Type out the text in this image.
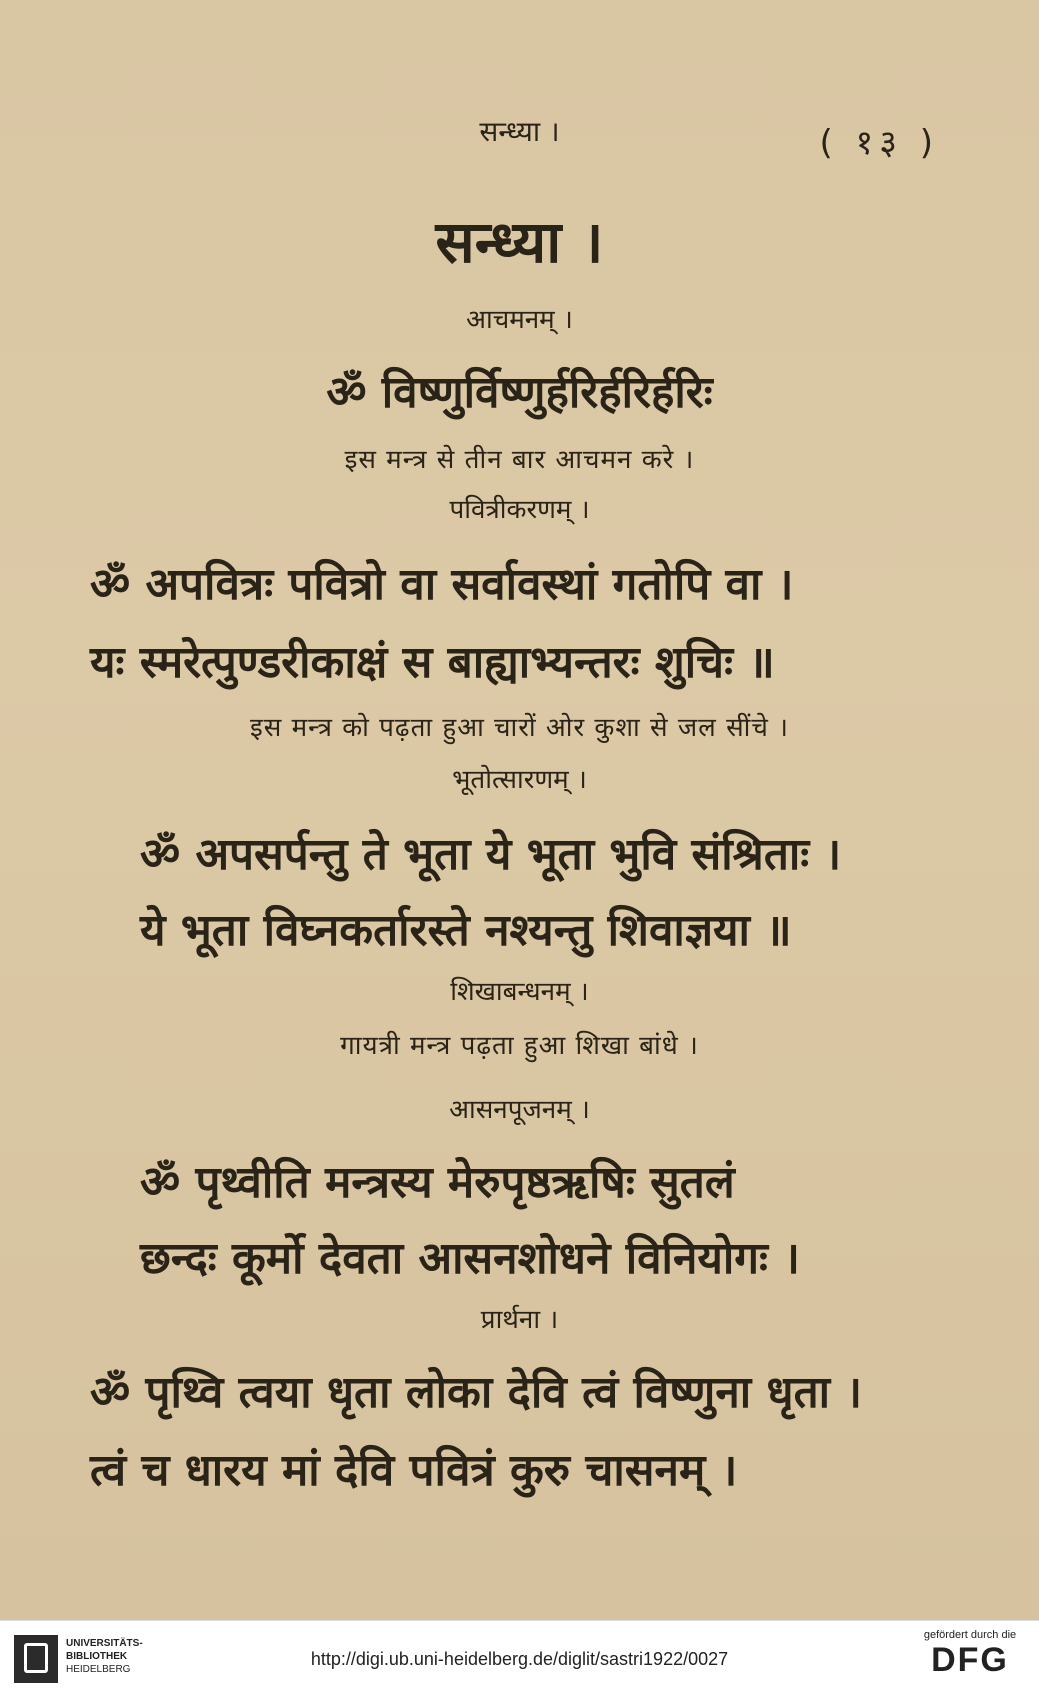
सन्ध्या ।	( १३ )
सन्ध्या ।
आचमनम् ।
ॐ विष्णुर्विष्णुर्हरिर्हरिर्हरिः
इस मन्त्र से तीन बार आचमन करे ।
पवित्रीकरणम् ।
ॐ अपवित्रः पवित्रो वा सर्वावस्थां गतोपि वा ।
यः स्मरेत्पुण्डरीकाक्षं स बाह्याभ्यन्तरः शुचिः ॥
इस मन्त्र को पढ़ता हुआ चारों ओर कुशा से जल सींचे ।
भूतोत्सारणम् ।
ॐ अपसर्पन्तु ते भूता ये भूता भुवि संश्रिताः ।
ये भूता विघ्नकर्तारस्ते नश्यन्तु शिवाज्ञया ॥
शिखाबन्धनम् ।
गायत्री मन्त्र पढ़ता हुआ शिखा बांधे ।
आसनपूजनम् ।
ॐ पृथ्वीति मन्त्रस्य मेरुपृष्ठऋषिः सुतलं
छन्दः कूर्मो देवता आसनशोधने विनियोगः ।
प्रार्थना ।
ॐ पृथ्वि त्वया धृता लोका देवि त्वं विष्णुना धृता ।
त्वं च धारय मां देवि पवित्रं कुरु चासनम् ।
UNIVERSITÄTS-
BIBLIOTHEK
HEIDELBERG
http://digi.ub.uni-heidelberg.de/diglit/sastri1922/0027
gefördert durch die
DFG
